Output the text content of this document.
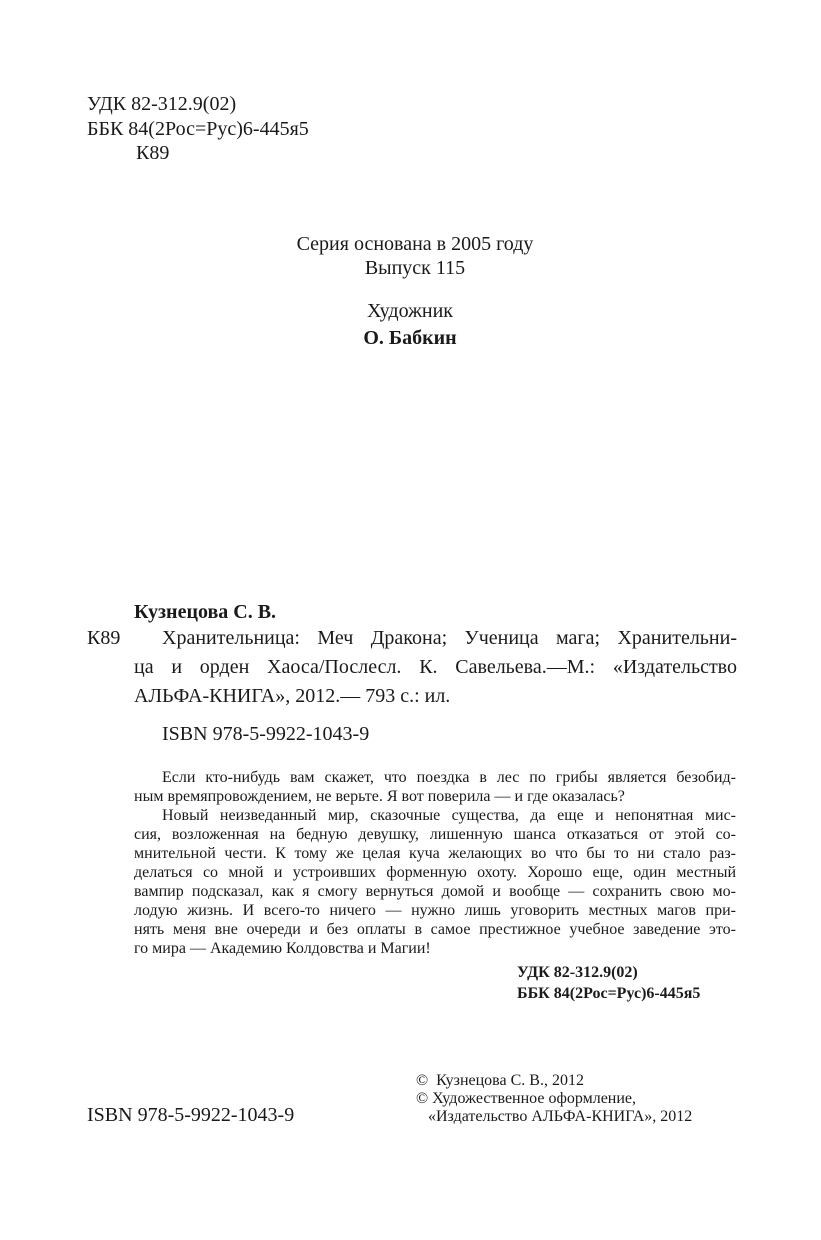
УДК 82-312.9(02)
ББК 84(2Рос=Рус)6-445я5
К89
Серия основана в 2005 году
Выпуск 115
Художник
О. Бабкин
Кузнецова С. В.
К89	Хранительница: Меч Дракона; Ученица мага; Хранительни-
ца и орден Хаоса/Послесл. К. Савельева.—М.: «Издательство
АЛЬФА-КНИГА», 2012.— 793 с.: ил.
ISBN 978-5-9922-1043-9
Если кто-нибудь вам скажет, что поездка в лес по грибы является безобид-
ным времяпровождением, не верьте. Я вот поверила — и где оказалась?
Новый неизведанный мир, сказочные существа, да еще и непонятная мис-
сия, возложенная на бедную девушку, лишенную шанса отказаться от этой со-
мнительной чести. К тому же целая куча желающих во что бы то ни стало раз-
делаться со мной и устроивших форменную охоту. Хорошо еще, один местный
вампир подсказал, как я смогу вернуться домой и вообще — сохранить свою мо-
лодую жизнь. И всего-то ничего — нужно лишь уговорить местных магов при-
нять меня вне очереди и без оплаты в самое престижное учебное заведение это-
го мира — Академию Колдовства и Магии!
УДК 82-312.9(02)
ББК 84(2Рос=Рус)6-445я5
ISBN 978-5-9922-1043-9
©  Кузнецова С. В., 2012
© Художественное оформление,
«Издательство АЛЬФА-КНИГА», 2012
